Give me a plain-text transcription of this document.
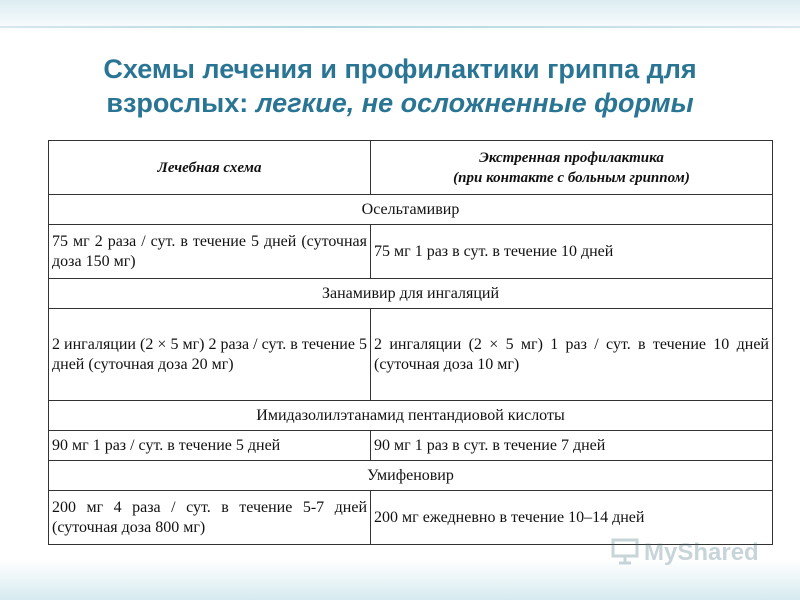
Схемы лечения и профилактики гриппа для
взрослых: легкие, не осложненные формы
Лечебная схема	Экстренная профилактика
(при контакте с больным гриппом)

Осельтамивир	
75 мг 2 раза / сут. в течение 5 дней (суточная доза 150 мг)	75 мг 1 раз в сут. в течение 10 дней
Занамивир для ингаляций	
2 ингаляции (2 × 5 мг) 2 раза / сут. в течение 5 дней (суточная доза 20 мг)	2 ингаляции (2 × 5 мг) 1 раз / сут. в течение 10 дней (суточная доза 10 мг)
Имидазолилэтанамид пентандиовой кислоты	
90 мг 1 раз / сут. в течение 5 дней	90 мг 1 раз в сут. в течение 7 дней
Умифеновир	
200 мг 4 раза / сут. в течение 5-7 дней (суточная доза 800 мг)	200 мг ежедневно в течение 10–14 дней
MyShared
